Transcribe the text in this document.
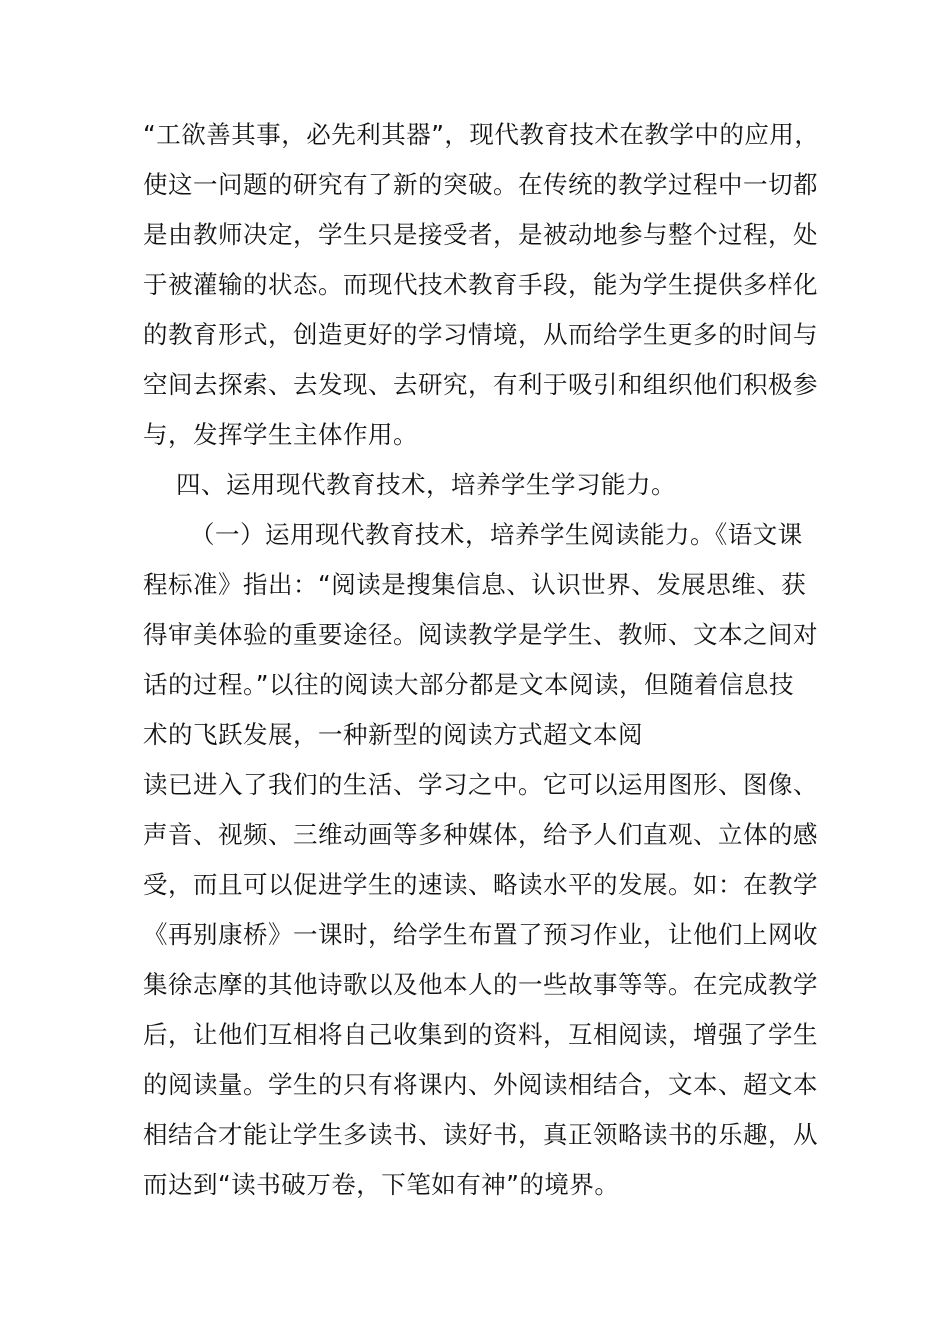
“工欲善其事，必先利其器”，现代教育技术在教学中的应用，

使这一问题的研究有了新的突破。在传统的教学过程中一切都

是由教师决定，学生只是接受者，是被动地参与整个过程，处

于被灌输的状态。而现代技术教育手段，能为学生提供多样化

的教育形式，创造更好的学习情境，从而给学生更多的时间与

空间去探索、去发现、去研究，有利于吸引和组织他们积极参

与，发挥学生主体作用。

四、运用现代教育技术，培养学生学习能力。

（一）运用现代教育技术，培养学生阅读能力。《语文课

程标准》指出：“阅读是搜集信息、认识世界、发展思维、获

得审美体验的重要途径。阅读教学是学生、教师、文本之间对

话的过程。”以往的阅读大部分都是文本阅读，但随着信息技

术的飞跃发展，一种新型的阅读方式超文本阅

读已进入了我们的生活、学习之中。它可以运用图形、图像、

声音、视频、三维动画等多种媒体，给予人们直观、立体的感

受，而且可以促进学生的速读、略读水平的发展。如：在教学

《再别康桥》一课时，给学生布置了预习作业，让他们上网收

集徐志摩的其他诗歌以及他本人的一些故事等等。在完成教学

后，让他们互相将自己收集到的资料，互相阅读，增强了学生

的阅读量。学生的只有将课内、外阅读相结合，文本、超文本

相结合才能让学生多读书、读好书，真正领略读书的乐趣，从

而达到“读书破万卷，下笔如有神”的境界。
